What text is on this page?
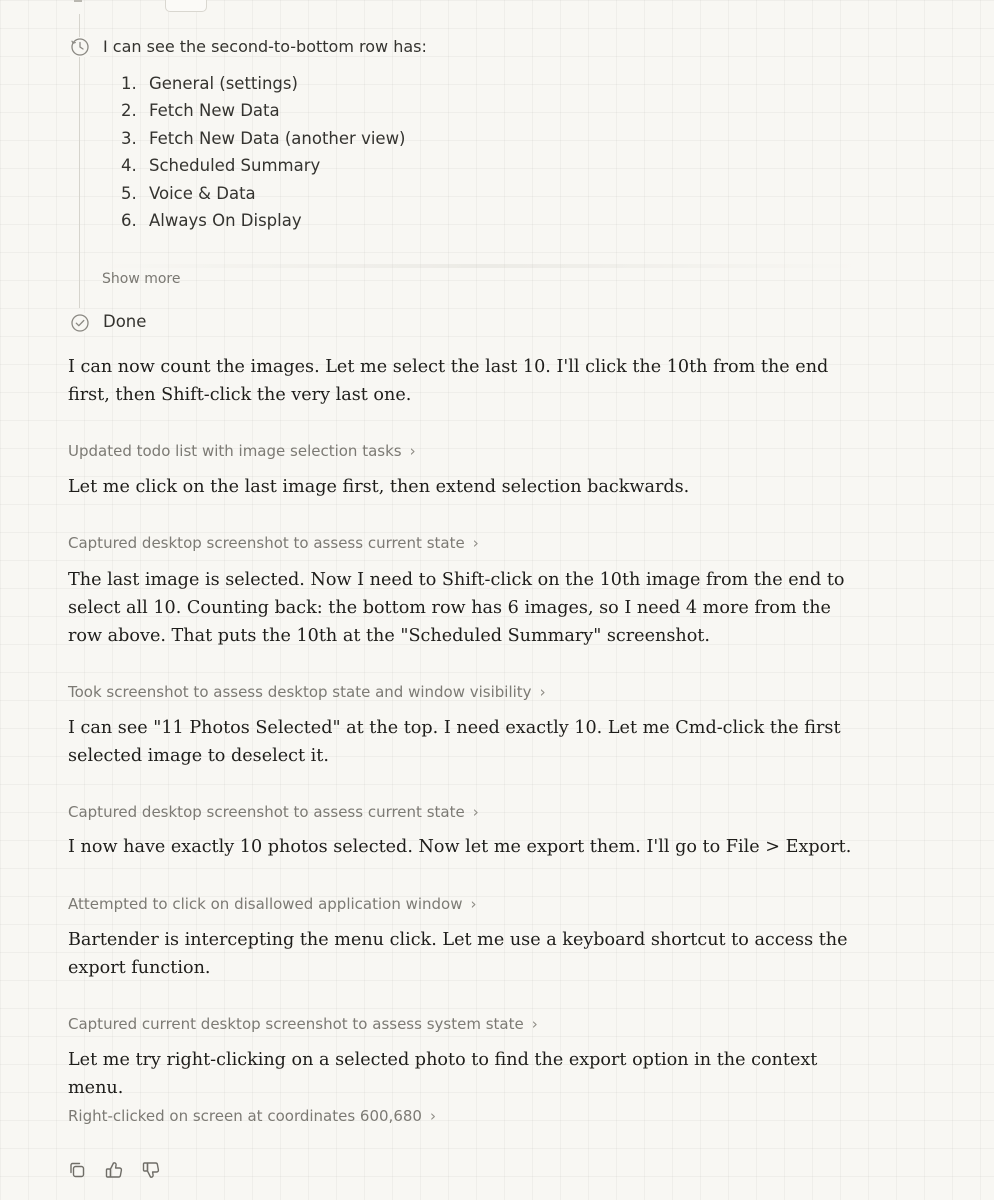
I can see the second-to-bottom row has:
1. General (settings)
2. Fetch New Data
3. Fetch New Data (another view)
4. Scheduled Summary
5. Voice & Data
6. Always On Display
Show more
Done
I can now count the images. Let me select the last 10. I'll click the 10th from the end first, then Shift-click the very last one.
Updated todo list with image selection tasks ›
Let me click on the last image first, then extend selection backwards.
Captured desktop screenshot to assess current state ›
The last image is selected. Now I need to Shift-click on the 10th image from the end to select all 10. Counting back: the bottom row has 6 images, so I need 4 more from the row above. That puts the 10th at the "Scheduled Summary" screenshot.
Took screenshot to assess desktop state and window visibility ›
I can see "11 Photos Selected" at the top. I need exactly 10. Let me Cmd-click the first selected image to deselect it.
Captured desktop screenshot to assess current state ›
I now have exactly 10 photos selected. Now let me export them. I'll go to File > Export.
Attempted to click on disallowed application window ›
Bartender is intercepting the menu click. Let me use a keyboard shortcut to access the export function.
Captured current desktop screenshot to assess system state ›
Let me try right-clicking on a selected photo to find the export option in the context menu.
Right-clicked on screen at coordinates 600,680 ›
